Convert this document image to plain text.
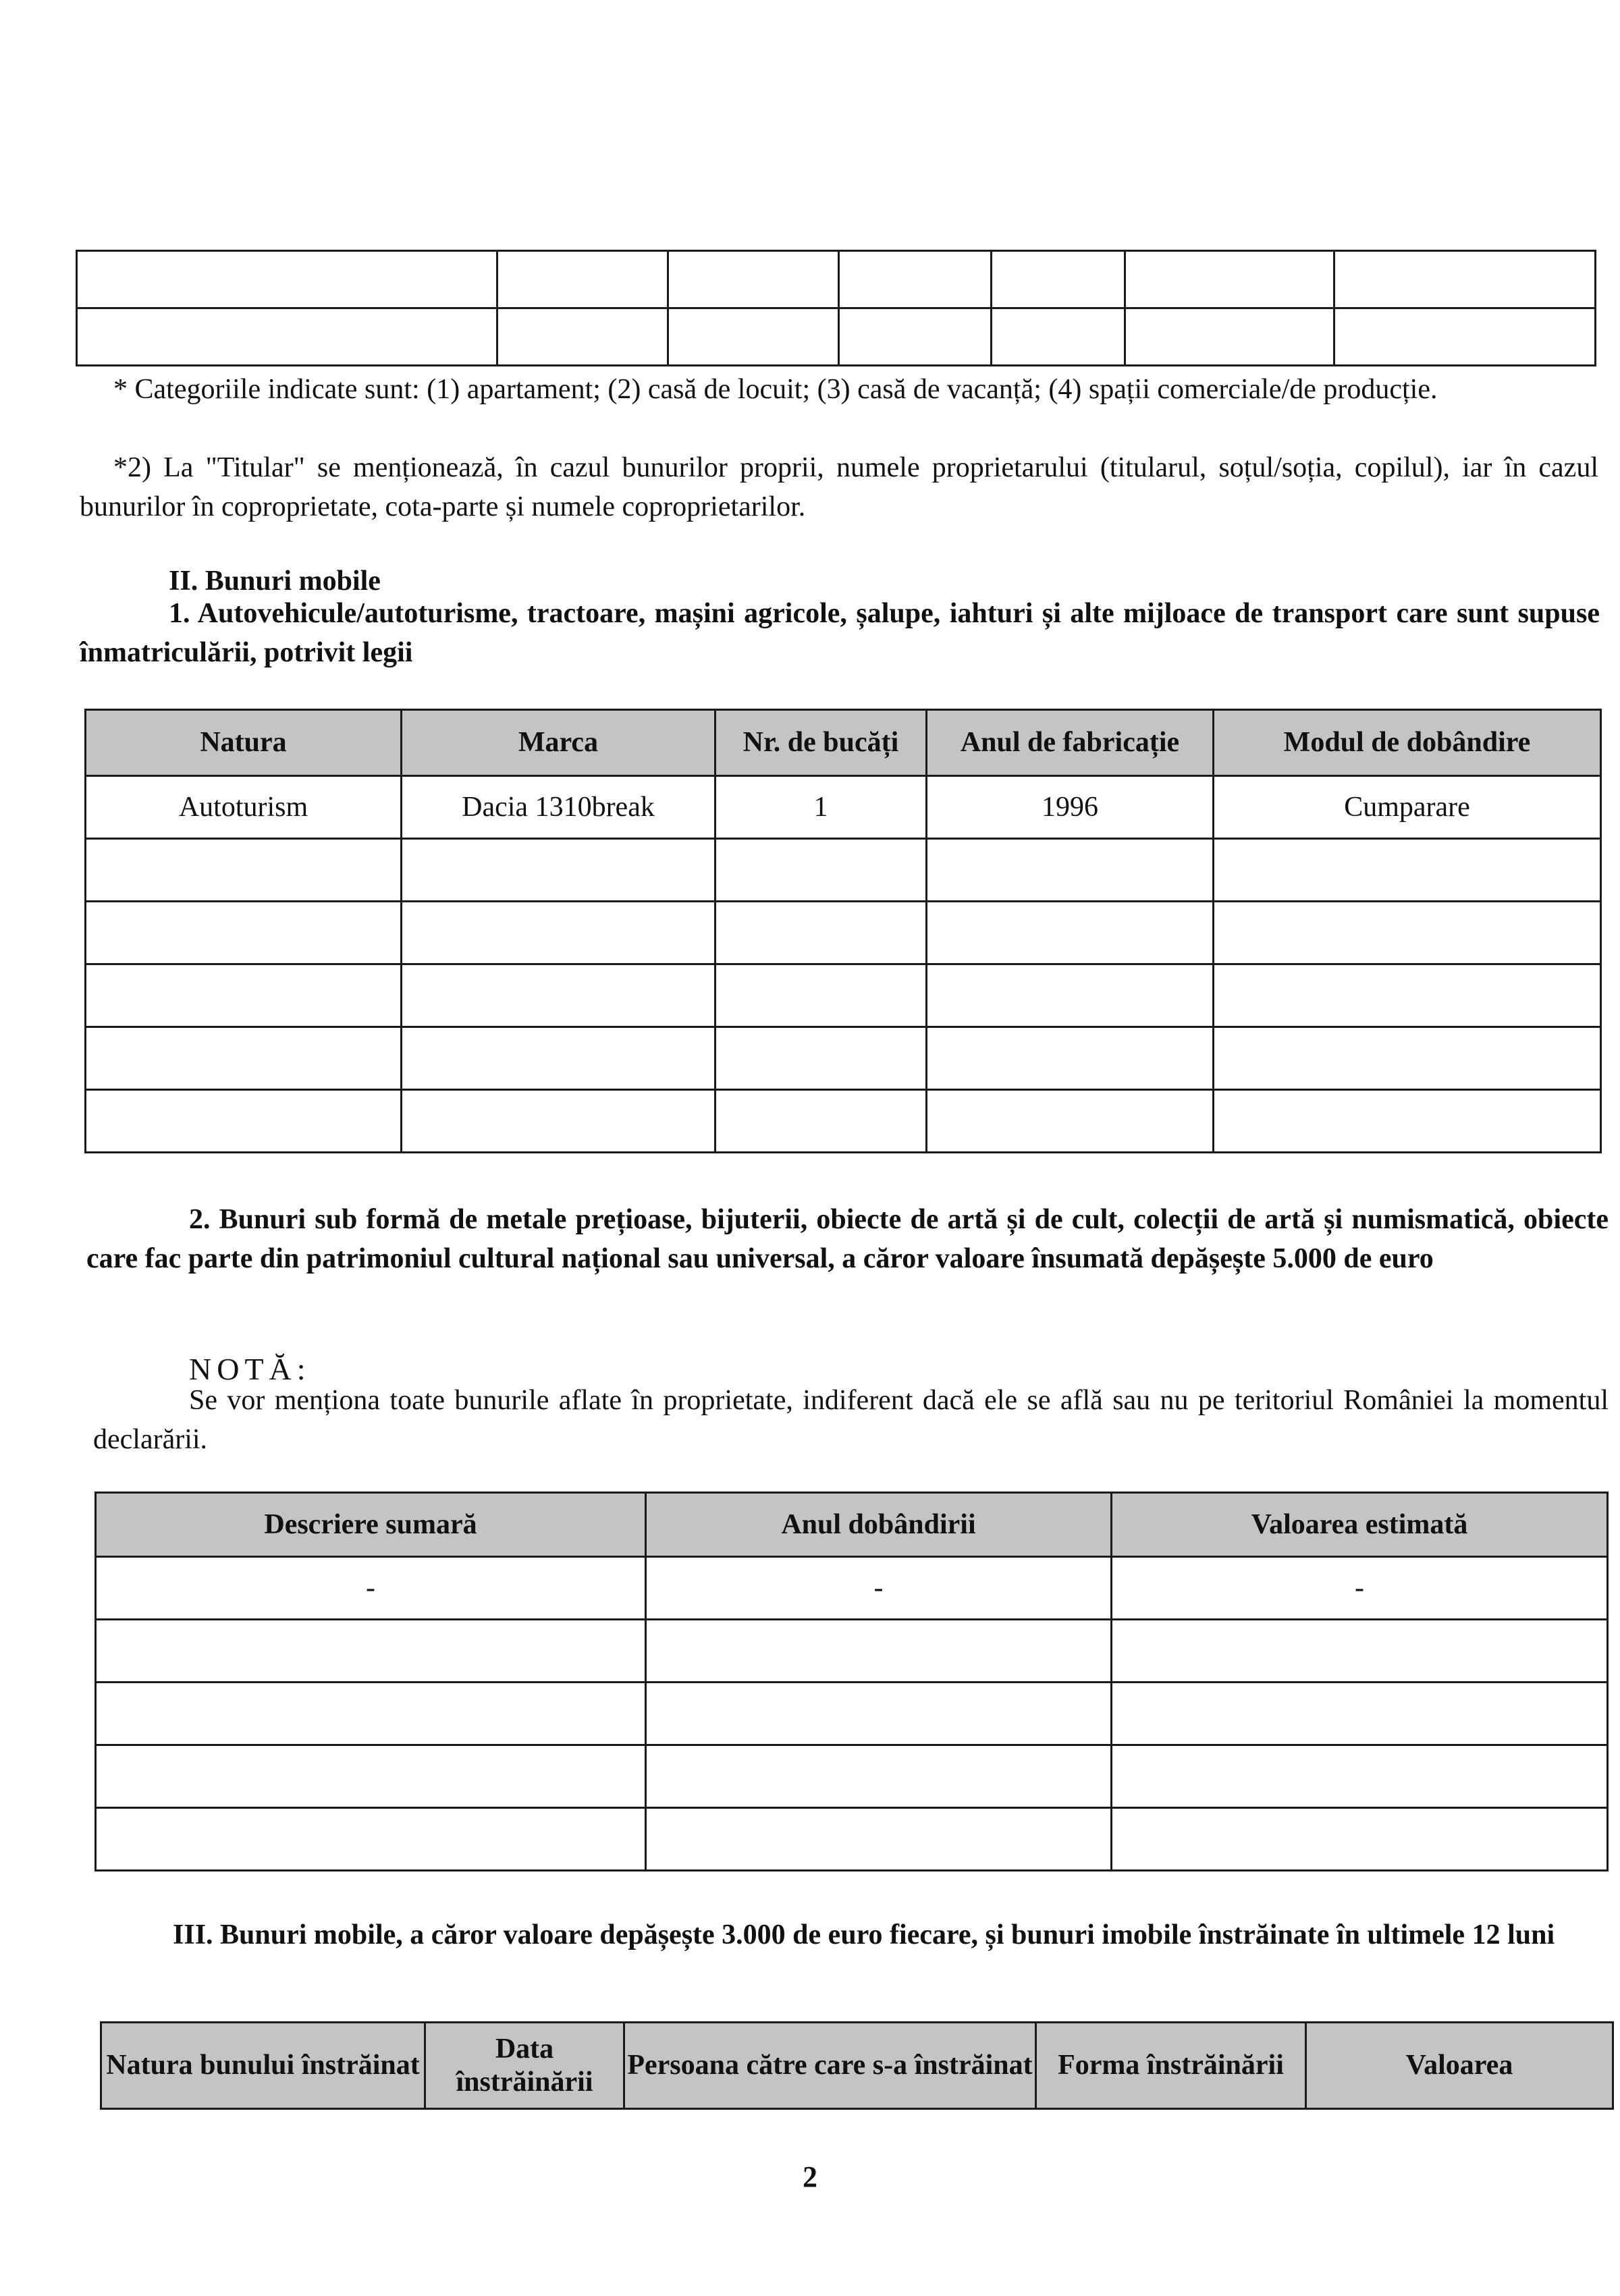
* Categoriile indicate sunt: (1) apartament; (2) casă de locuit; (3) casă de vacanță; (4) spații comerciale/de producție.
*2) La "Titular" se menționează, în cazul bunurilor proprii, numele proprietarului (titularul, soțul/soția, copilul), iar în cazul bunurilor în coproprietate, cota-parte și numele coproprietarilor.
II. Bunuri mobile
1. Autovehicule/autoturisme, tractoare, mașini agricole, șalupe, iahturi și alte mijloace de transport care sunt supuse înmatriculării, potrivit legii
Natura	Marca	Nr. de bucăți	Anul de fabricație	Modul de dobândire
Autoturism	Dacia 1310break	1	1996	Cumparare

2. Bunuri sub formă de metale prețioase, bijuterii, obiecte de artă și de cult, colecții de artă și numismatică, obiecte care fac parte din patrimoniul cultural național sau universal, a căror valoare însumată depășește 5.000 de euro
NOTĂ:
Se vor menționa toate bunurile aflate în proprietate, indiferent dacă ele se află sau nu pe teritoriul României la momentul declarării.
Descriere sumară	Anul dobândirii	Valoarea estimată
-	-	-

III. Bunuri mobile, a căror valoare depășește 3.000 de euro fiecare, și bunuri imobile înstrăinate în ultimele 12 luni
Natura bunului înstrăinat	Data înstrăinării	Persoana către care s-a înstrăinat	Forma înstrăinării	Valoarea
2
